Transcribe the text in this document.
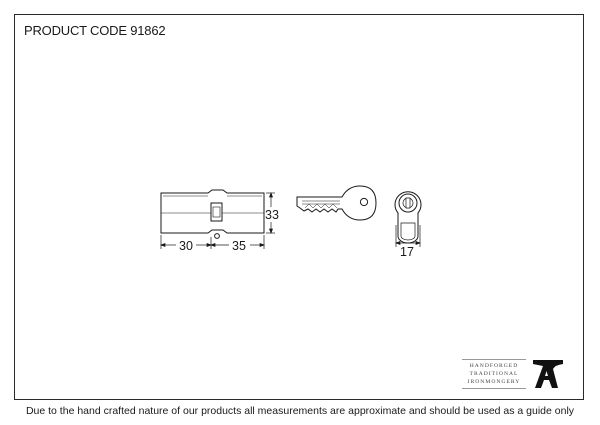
PRODUCT CODE 91862
30	35
33
17
HANDFORGED
TRADITIONAL
IRONMONGERY
Due to the hand crafted nature of our products all measurements are approximate and should be used as a guide only
